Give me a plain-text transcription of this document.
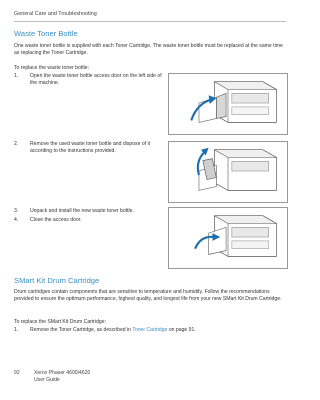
General Care and Troubleshooting
Waste Toner Bottle

One waste toner bottle is supplied with each Toner Cartridge. The waste toner bottle must be replaced at the same time as replacing the Toner Cartridge.

To replace the waste toner bottle:

1. Open the waste toner bottle access door on the left side of the machine.
2. Remove the used waste toner bottle and dispose of it according to the instructions provided.
3. Unpack and install the new waste toner bottle.
4. Close the access door.
SMart Kit Drum Cartridge

Drum cartridges contain components that are sensitive to temperature and humidity. Follow the recommendations provided to ensure the optimum performance, highest quality, and longest life from your new SMart Kit Drum Cartridge.

To replace the SMart Kit Drum Cartridge:

1. Remove the Toner Cartridge, as described in Toner Cartridge on page 91.
92	Xerox Phaser 4600/4620
User Guide
